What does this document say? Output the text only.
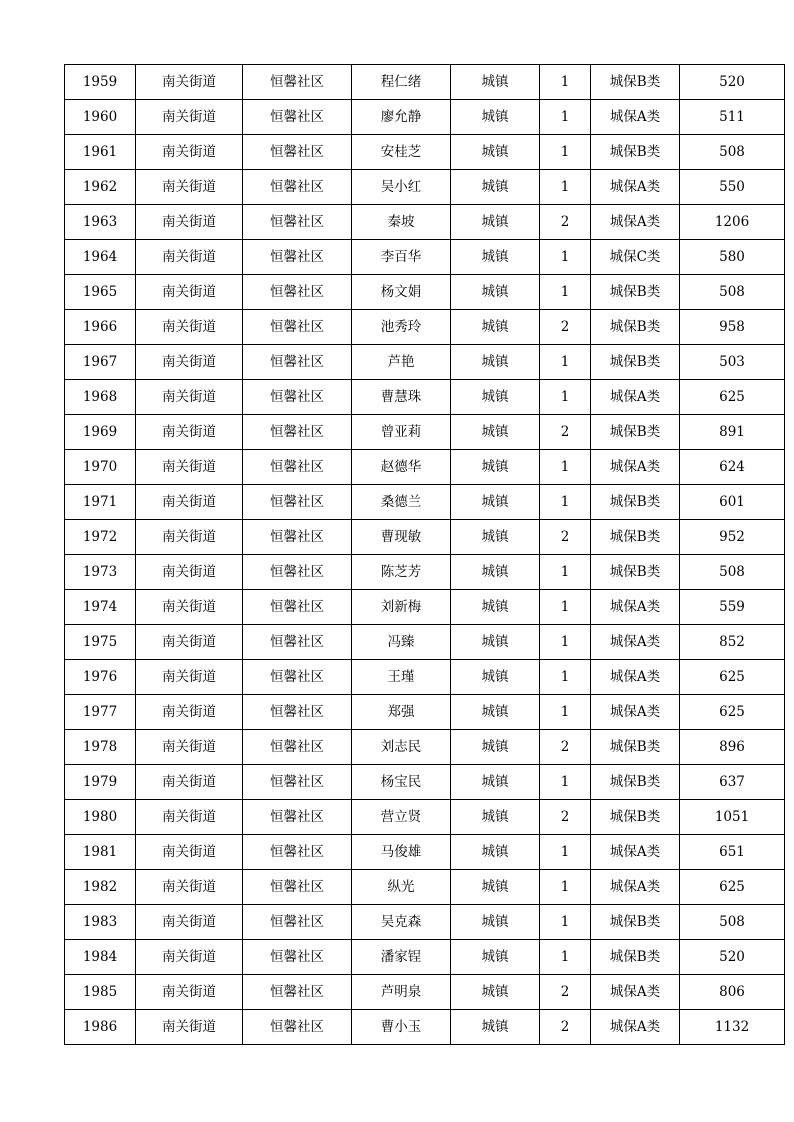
1959	南关街道	恒馨社区	程仁绪	城镇	1	城保B类	520
1960	南关街道	恒馨社区	廖允静	城镇	1	城保A类	511
1961	南关街道	恒馨社区	安桂芝	城镇	1	城保B类	508
1962	南关街道	恒馨社区	吴小红	城镇	1	城保A类	550
1963	南关街道	恒馨社区	秦坡	城镇	2	城保A类	1206
1964	南关街道	恒馨社区	李百华	城镇	1	城保C类	580
1965	南关街道	恒馨社区	杨文娟	城镇	1	城保B类	508
1966	南关街道	恒馨社区	池秀玲	城镇	2	城保B类	958
1967	南关街道	恒馨社区	芦艳	城镇	1	城保B类	503
1968	南关街道	恒馨社区	曹慧珠	城镇	1	城保A类	625
1969	南关街道	恒馨社区	曾亚莉	城镇	2	城保B类	891
1970	南关街道	恒馨社区	赵德华	城镇	1	城保A类	624
1971	南关街道	恒馨社区	桑德兰	城镇	1	城保B类	601
1972	南关街道	恒馨社区	曹现敏	城镇	2	城保B类	952
1973	南关街道	恒馨社区	陈芝芳	城镇	1	城保B类	508
1974	南关街道	恒馨社区	刘新梅	城镇	1	城保A类	559
1975	南关街道	恒馨社区	冯臻	城镇	1	城保A类	852
1976	南关街道	恒馨社区	王瑾	城镇	1	城保A类	625
1977	南关街道	恒馨社区	郑强	城镇	1	城保A类	625
1978	南关街道	恒馨社区	刘志民	城镇	2	城保B类	896
1979	南关街道	恒馨社区	杨宝民	城镇	1	城保B类	637
1980	南关街道	恒馨社区	营立贤	城镇	2	城保B类	1051
1981	南关街道	恒馨社区	马俊雄	城镇	1	城保A类	651
1982	南关街道	恒馨社区	纵光	城镇	1	城保A类	625
1983	南关街道	恒馨社区	吴克森	城镇	1	城保B类	508
1984	南关街道	恒馨社区	潘家锃	城镇	1	城保B类	520
1985	南关街道	恒馨社区	芦明泉	城镇	2	城保A类	806
1986	南关街道	恒馨社区	曹小玉	城镇	2	城保A类	1132
